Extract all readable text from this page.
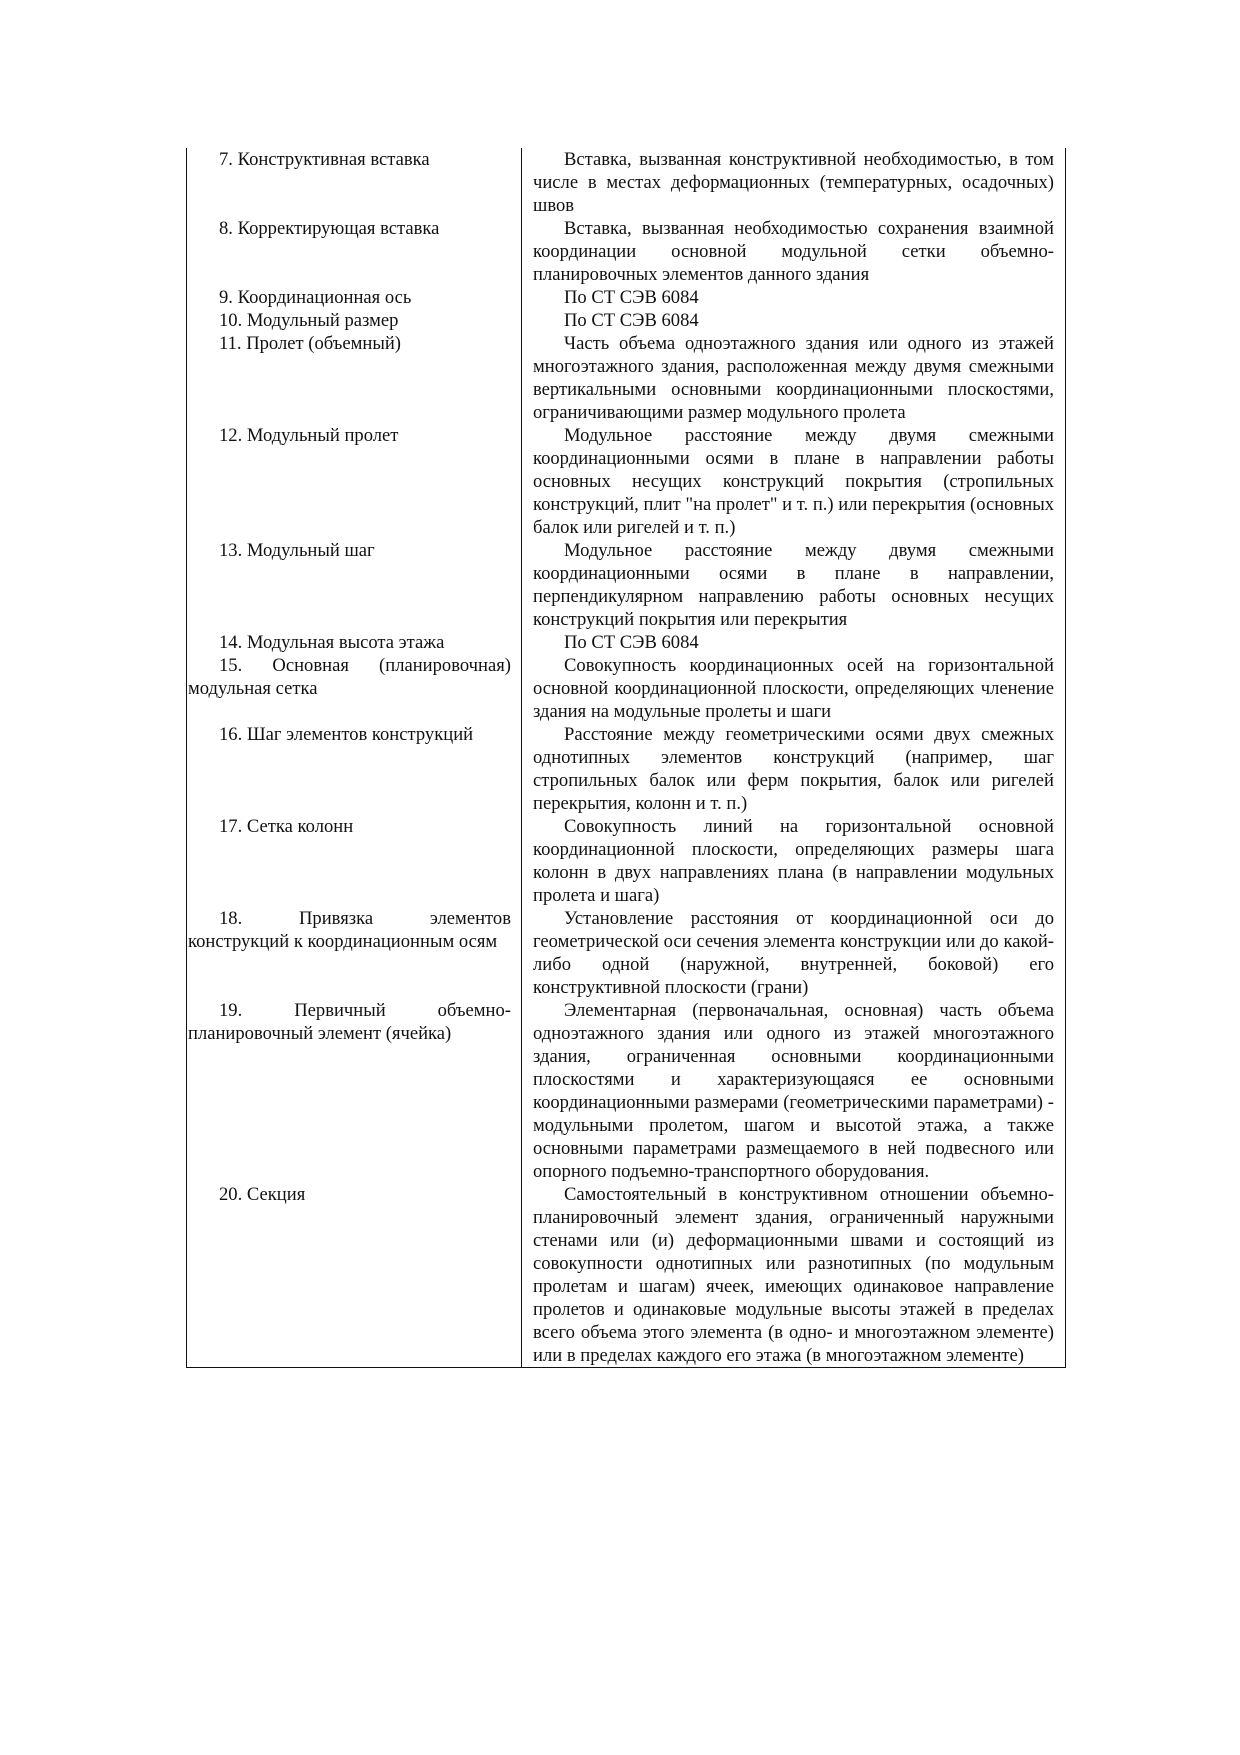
7. Конструктивная вставка	Вставка, вызванная конструктивной необходимостью, в том числе в местах деформационных (температурных, осадочных) швов
8. Корректирующая вставка	Вставка, вызванная необходимостью сохранения взаимной координации основной модульной сетки объемно-планировочных элементов данного здания
9. Координационная ось	По СТ СЭВ 6084
10. Модульный размер	По СТ СЭВ 6084
11. Пролет (объемный)	Часть объема одноэтажного здания или одного из этажей многоэтажного здания, расположенная между двумя смежными вертикальными основными координационными плоскостями, ограничивающими размер модульного пролета
12. Модульный пролет	Модульное расстояние между двумя смежными координационными осями в плане в направлении работы основных несущих конструкций покрытия (стропильных конструкций, плит "на пролет" и т. п.) или перекрытия (основных балок или ригелей и т. п.)
13. Модульный шаг	Модульное расстояние между двумя смежными координационными осями в плане в направлении, перпендикулярном направлению работы основных несущих конструкций покрытия или перекрытия
14. Модульная высота этажа	По СТ СЭВ 6084
15. Основная (планировочная) модульная сетка	Совокупность координационных осей на горизонтальной основной координационной плоскости, определяющих членение здания на модульные пролеты и шаги
16. Шаг элементов конструкций	Расстояние между геометрическими осями двух смежных однотипных элементов конструкций (например, шаг стропильных балок или ферм покрытия, балок или ригелей перекрытия, колонн и т. п.)
17. Сетка колонн	Совокупность линий на горизонтальной основной координационной плоскости, определяющих размеры шага колонн в двух направлениях плана (в направлении модульных пролета и шага)
18. Привязка элементов конструкций к координационным осям	Установление расстояния от координационной оси до геометрической оси сечения элемента конструкции или до какой-либо одной (наружной, внутренней, боковой) его конструктивной плоскости (грани)
19. Первичный объемно-планировочный элемент (ячейка)	Элементарная (первоначальная, основная) часть объема одноэтажного здания или одного из этажей многоэтажного здания, ограниченная основными координационными плоскостями и характеризующаяся ее основными координационными размерами (геометрическими параметрами) - модульными пролетом, шагом и высотой этажа, а также основными параметрами размещаемого в ней подвесного или опорного подъемно-транспортного оборудования.
20. Секция	Самостоятельный в конструктивном отношении объемно-планировочный элемент здания, ограниченный наружными стенами или (и) деформационными швами и состоящий из совокупности однотипных или разнотипных (по модульным пролетам и шагам) ячеек, имеющих одинаковое направление пролетов и одинаковые модульные высоты этажей в пределах всего объема этого элемента (в одно- и многоэтажном элементе) или в пределах каждого его этажа (в многоэтажном элементе)
